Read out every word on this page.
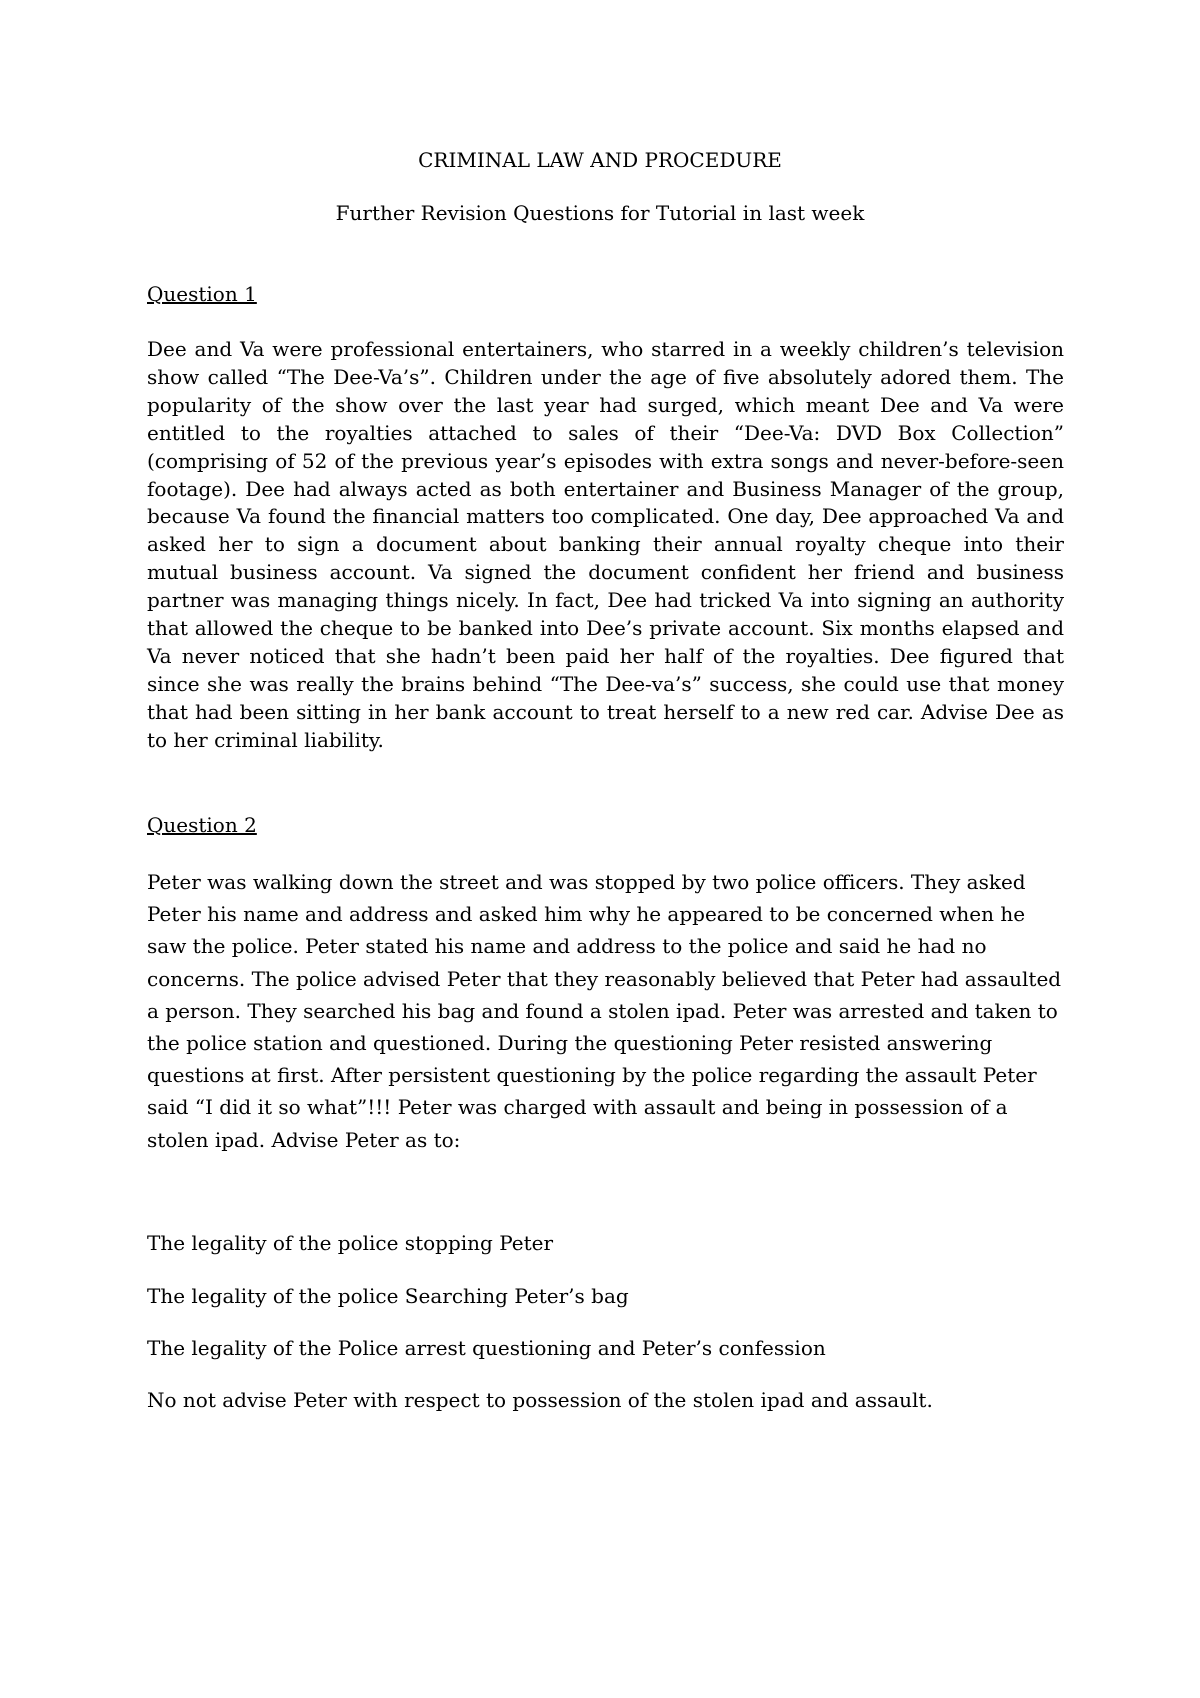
CRIMINAL LAW AND PROCEDURE
Further Revision Questions for Tutorial in last week
Question 1

Dee and Va were professional entertainers, who starred in a weekly children’s television show called “The Dee-Va’s”. Children under the age of five absolutely adored them. The popularity of the show over the last year had surged, which meant Dee and Va were entitled to the royalties attached to sales of their “Dee-Va: DVD Box Collection” (comprising of 52 of the previous year’s episodes with extra songs and never-before-seen footage). Dee had always acted as both entertainer and Business Manager of the group, because Va found the financial matters too complicated. One day, Dee approached Va and asked her to sign a document about banking their annual royalty cheque into their mutual business account. Va signed the document confident her friend and business partner was managing things nicely. In fact, Dee had tricked Va into signing an authority that allowed the cheque to be banked into Dee’s private account. Six months elapsed and Va never noticed that she hadn’t been paid her half of the royalties. Dee figured that since she was really the brains behind “The Dee-va’s” success, she could use that money that had been sitting in her bank account to treat herself to a new red car. Advise Dee as to her criminal liability.

Question 2

Peter was walking down the street and was stopped by two police officers. They asked Peter his name and address and asked him why he appeared to be concerned when he saw the police. Peter stated his name and address to the police and said he had no concerns. The police advised Peter that they reasonably believed that Peter had assaulted a person. They searched his bag and found a stolen ipad. Peter was arrested and taken to the police station and questioned. During the questioning Peter resisted answering questions at first. After persistent questioning by the police regarding the assault Peter said “I did it so what”!!! Peter was charged with assault and being in possession of a stolen ipad. Advise Peter as to:

The legality of the police stopping Peter

The legality of the police Searching Peter’s bag

The legality of the Police arrest questioning and Peter’s confession

No not advise Peter with respect to possession of the stolen ipad and assault.
